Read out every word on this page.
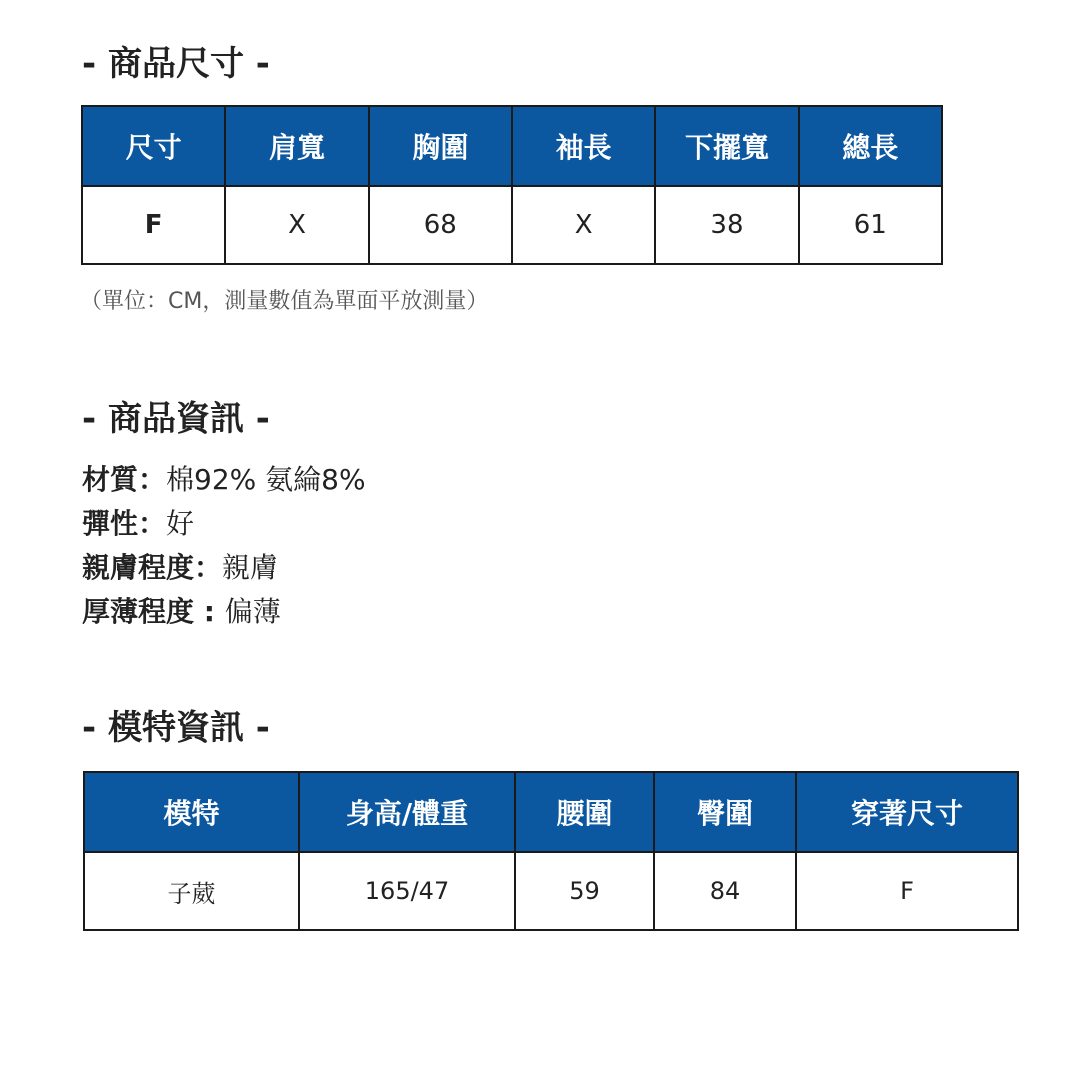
- 商品尺寸 -
尺寸	肩寬	胸圍	袖長	下擺寬	總長
F	X	68	X	38	61

（單位：CM，測量數值為單面平放測量）

- 商品資訊 -
材質：棉92% 氨綸8%
彈性：好
親膚程度：親膚
厚薄程度 : 偏薄
- 模特資訊 -
模特	身高/體重	腰圍	臀圍	穿著尺寸
子葳	165/47	59	84	F
